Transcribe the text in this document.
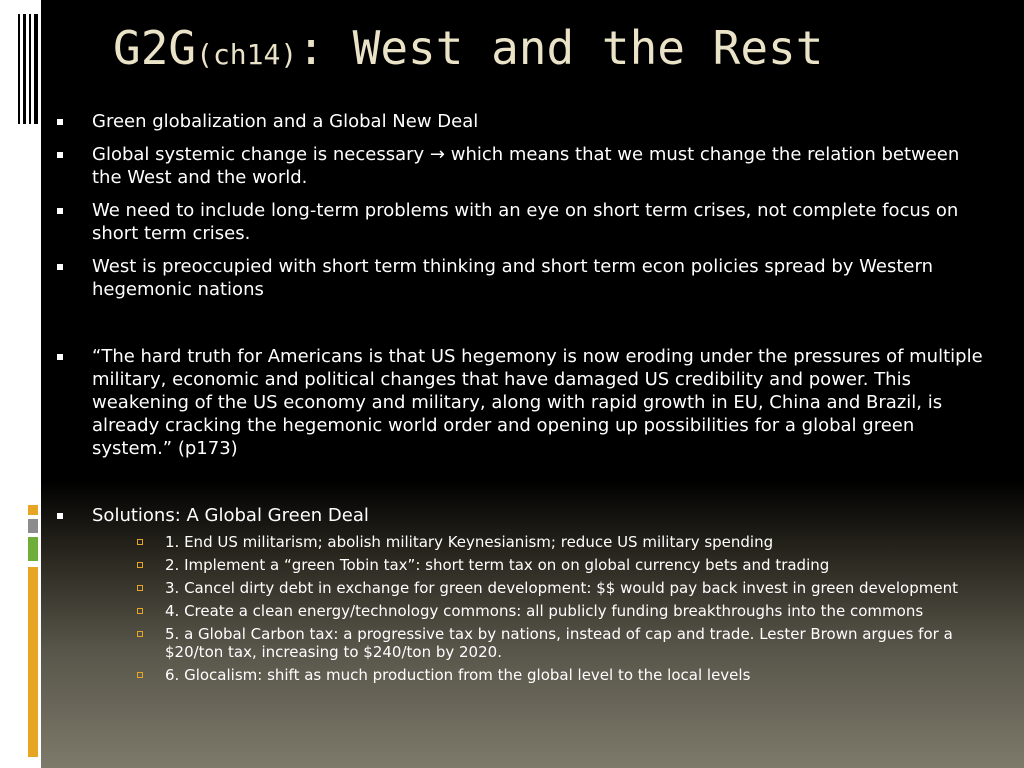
G2G(ch14): West and the Rest
Green globalization and a Global New Deal
Global systemic change is necessary → which means that we must change the relation between the West and the world.
We need to include long-term problems with an eye on short term crises, not complete focus on short term crises.
West is preoccupied with short term thinking and short term econ policies spread by Western hegemonic nations
“The hard truth for Americans is that US hegemony is now eroding under the pressures of multiple military, economic and political changes that have damaged US credibility and power. This weakening of the US economy and military, along with rapid growth in EU, China and Brazil, is already cracking the hegemonic world order and opening up possibilities for a global green system.” (p173)
Solutions: A Global Green Deal
1. End US militarism; abolish military Keynesianism; reduce US military spending
2. Implement a “green Tobin tax”: short term tax on on global currency bets and trading
3. Cancel dirty debt in exchange for green development: $$ would pay back invest in green development
4. Create a clean energy/technology commons: all publicly funding breakthroughs into the commons
5. a Global Carbon tax: a progressive tax by nations, instead of cap and trade. Lester Brown argues for a $20/ton tax, increasing to $240/ton by 2020.
6. Glocalism: shift as much production from the global level to the local levels
